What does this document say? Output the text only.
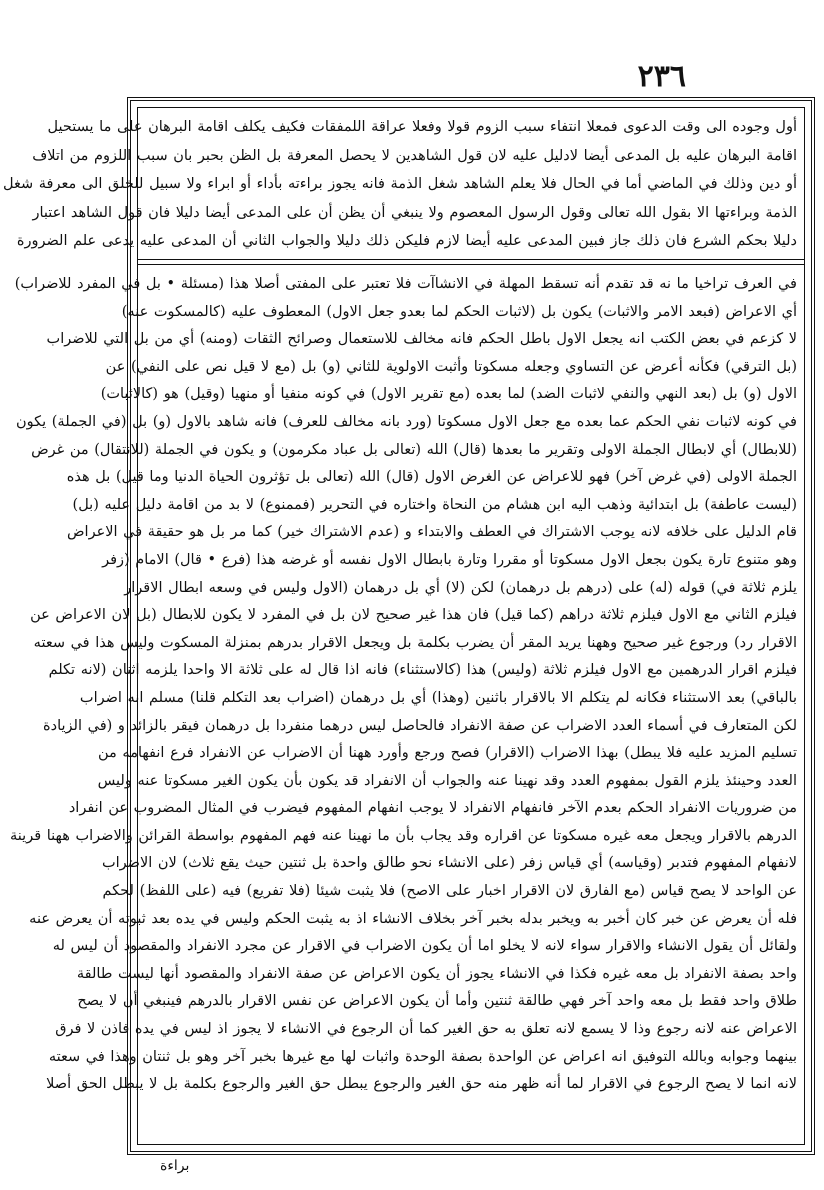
٢٣٦
أول وجوده الى وقت الدعوى فمعلا انتفاء سبب الزوم قولا وفعلا عراقة اللمفقات فكيف يكلف اقامة البرهان على ما يستحيل
اقامة البرهان عليه بل المدعى أيضا لادليل عليه لان قول الشاهدين لا يحصل المعرفة بل الظن بحبر بان سبب اللزوم من اتلاف
أو دين وذلك في الماضي أما في الحال فلا يعلم الشاهد شغل الذمة فانه يجوز براءته بأداء أو ابراء ولا سبيل للخلق الى معرفة شغل
الذمة وبراءتها الا بقول الله تعالى وقول الرسول المعصوم ولا ينبغي أن يظن أن على المدعى أيضا دليلا فان قول الشاهد اعتبار
دليلا بحكم الشرع فان ذلك جاز فبين المدعى عليه أيضا لازم فليكن ذلك دليلا والجواب الثاني أن المدعى عليه يدعى علم الضرورة
في العرف تراخيا ما نه قد تقدم أنه تسقط المهلة في الانشاآت فلا تعتبر على المفتى أصلا هذا (مسئلة • بل في المفرد للاضراب)
أي الاعراض (فبعد الامر والاثبات) يكون بل (لاثبات الحكم لما بعدو جعل الاول) المعطوف عليه (كالمسكوت عنه)
لا كزعم في بعض الكتب انه يجعل الاول باطل الحكم فانه مخالف للاستعمال وصرائح الثقات (ومنه) أي من بل التي للاضراب
(بل الترقي) فكأنه أعرض عن التساوي وجعله مسكوتا وأثبت الاولوية للثاني (و) بل (مع لا قيل نص على النفي) عن
الاول (و) بل (بعد النهي والنفي لاثبات الضد) لما بعده (مع تقرير الاول) في كونه منفيا أو منهيا (وقيل) هو (كالاثبات)
في كونه لاثبات نفي الحكم عما بعده مع جعل الاول مسكوتا (ورد بانه مخالف للعرف) فانه شاهد بالاول (و) بل (في الجملة) يكون
(للابطال) أي لابطال الجملة الاولى وتقرير ما بعدها (قال) الله (تعالى بل عباد مكرمون) و يكون في الجملة (للانتقال) من غرض
الجملة الاولى (في غرض آخر) فهو للاعراض عن الغرض الاول (قال) الله (تعالى بل تؤثرون الحياة الدنيا وما قيل) بل هذه
(ليست عاطفة) بل ابتدائية وذهب اليه ابن هشام من النحاة واختاره في التحرير (فممنوع) لا بد من اقامة دليل عليه (بل)
قام الدليل على خلافه لانه يوجب الاشتراك في العطف والابتداء و (عدم الاشتراك خير) كما مر بل هو حقيقة في الاعراض
وهو متنوع تارة يكون بجعل الاول مسكوتا أو مقررا وتارة بابطال الاول نفسه أو غرضه هذا (فرع • قال) الامام (زفر
يلزم ثلاثة في) قوله (له) على (درهم بل درهمان) لكن (لا) أي بل درهمان (الاول وليس في وسعه ابطال الاقرار
فيلزم الثاني مع الاول فيلزم ثلاثة دراهم (كما قيل) فان هذا غير صحيح لان بل في المفرد لا يكون للابطال (بل لان الاعراض عن
الاقرار رد) ورجوع غير صحيح وههنا يريد المقر أن يضرب بكلمة بل ويجعل الاقرار بدرهم بمنزلة المسكوت وليس هذا في سعته
فيلزم اقرار الدرهمين مع الاول فيلزم ثلاثة (وليس) هذا (كالاستثناء) فانه اذا قال له على ثلاثة الا واحدا يلزمه اثنان (لانه تكلم
بالباقي) بعد الاستثناء فكانه لم يتكلم الا بالاقرار باثنين (وهذا) أي بل درهمان (اضراب بعد التكلم قلنا) مسلم انه اضراب
لكن المتعارف في أسماء العدد الاضراب عن صفة الانفراد فالحاصل ليس درهما منفردا بل درهمان فيقر بالزائد و (في الزيادة
تسليم المزيد عليه فلا يبطل) بهذا الاضراب (الاقرار) فصح ورجع وأورد ههنا أن الاضراب عن الانفراد فرع انفهامه من
العدد وحينئذ يلزم القول بمفهوم العدد وقد نهينا عنه والجواب أن الانفراد قد يكون بأن يكون الغير مسكوتا عنه وليس
من ضروريات الانفراد الحكم بعدم الآخر فانفهام الانفراد لا يوجب انفهام المفهوم فيضرب في المثال المضروب عن انفراد
الدرهم بالاقرار ويجعل معه غيره مسكوتا عن اقراره وقد يجاب بأن ما نهينا عنه فهم المفهوم بواسطة القرائن والاضراب ههنا قرينة
لانفهام المفهوم فتدبر (وقياسه) أي قياس زفر (على الانشاء نحو طالق واحدة بل ثنتين حيث يقع ثلاث) لان الاضراب
عن الواحد لا يصح قياس (مع الفارق لان الاقرار اخبار على الاصح) فلا يثبت شيئا (فلا تفريع) فيه (على اللفظ) لحكم
فله أن يعرض عن خبر كان أخبر به ويخبر بدله بخبر آخر بخلاف الانشاء اذ به يثبت الحكم وليس في يده بعد ثبوته أن يعرض عنه
ولقائل أن يقول الانشاء والاقرار سواء لانه لا يخلو اما أن يكون الاضراب في الاقرار عن مجرد الانفراد والمقصود أن ليس له
واحد بصفة الانفراد بل معه غيره فكذا في الانشاء يجوز أن يكون الاعراض عن صفة الانفراد والمقصود أنها ليست طالقة
طلاق واحد فقط بل معه واحد آخر فهي طالقة ثنتين وأما أن يكون الاعراض عن نفس الاقرار بالدرهم فينبغي أن لا يصح
الاعراض عنه لانه رجوع وذا لا يسمع لانه تعلق به حق الغير كما أن الرجوع في الانشاء لا يجوز اذ ليس في يده فاذن لا فرق
بينهما وجوابه وبالله التوفيق انه اعراض عن الواحدة بصفة الوحدة واثبات لها مع غيرها بخبر آخر وهو بل ثنتان وهذا في سعته
لانه انما لا يصح الرجوع في الاقرار لما أنه ظهر منه حق الغير والرجوع يبطل حق الغير والرجوع بكلمة بل لا يبطل الحق أصلا
براءة
